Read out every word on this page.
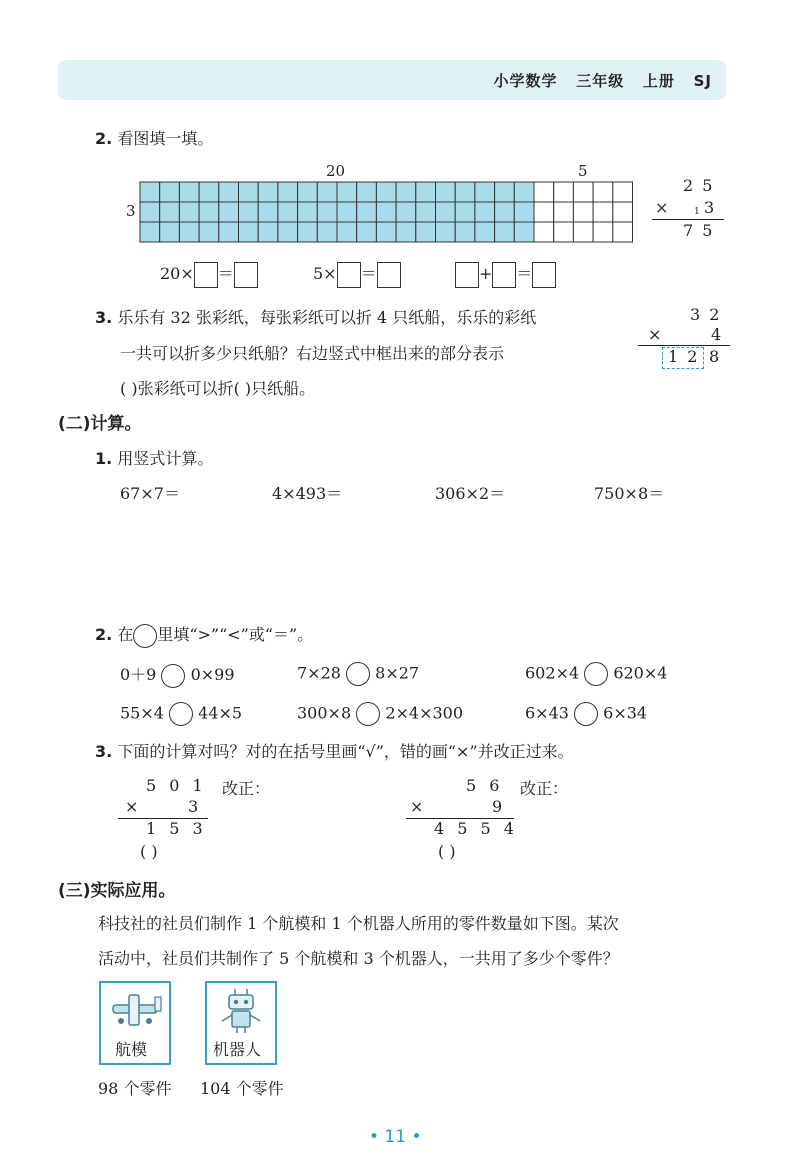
小学数学 三年级 上册 SJ
2. 看图填一填。
20	5
3
2 5
×	1 3
7 5
20× ＝	5× ＝	+ ＝
3. 乐乐有 32 张彩纸，每张彩纸可以折 4 只纸船，乐乐的彩纸
一共可以折多少只纸船？右边竖式中框出来的部分表示
( )张彩纸可以折( )只纸船。
3 2
×	4
1 2 8
(二)计算。
1. 用竖式计算。
67×7＝	4×493＝	306×2＝	750×8＝
2. 在 里填“>”“<”或“＝”。
0＋9 0×99	7×28 8×27	602×4 620×4
55×4 44×5	300×8 2×4×300	6×43 6×34
3. 下面的计算对吗？对的在括号里画“√”，错的画“×”并改正过来。
5 0 1 改正：
×	3
1 5 3
( )
5 6 改正：
×	9
4 5 5 4
( )
(三)实际应用。
科技社的社员们制作 1 个航模和 1 个机器人所用的零件数量如下图。某次
活动中，社员们共制作了 5 个航模和 3 个机器人，一共用了多少个零件？
航模	机器人
98 个零件 104 个零件
• 11 •
